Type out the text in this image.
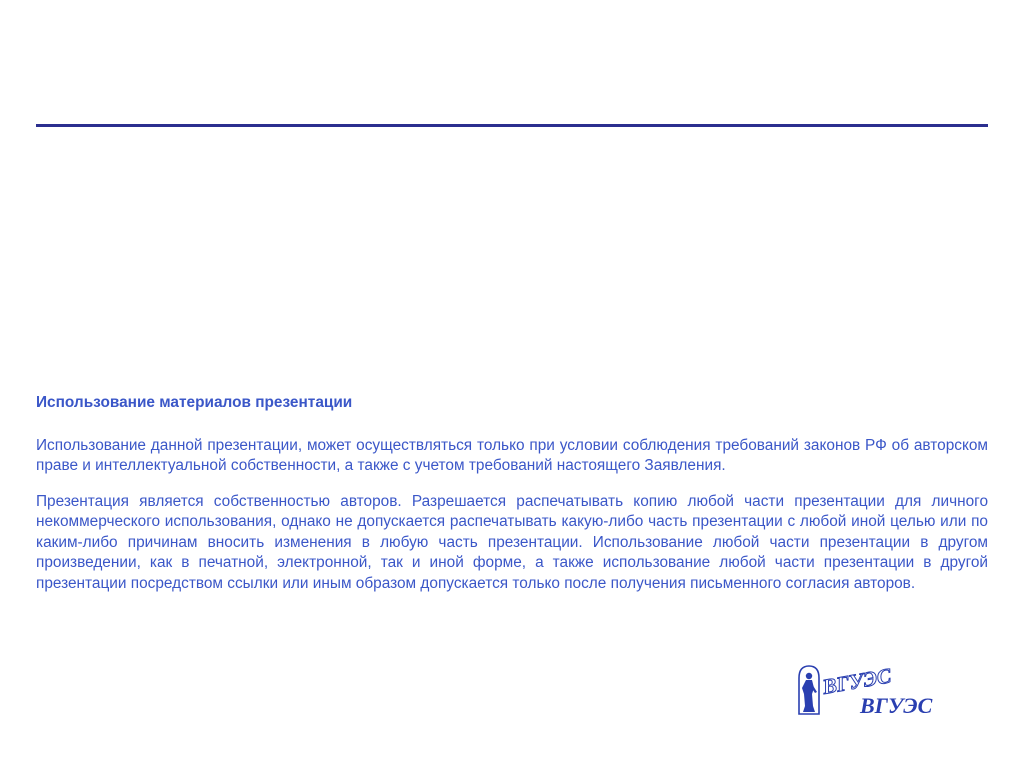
Использование материалов презентации

Использование данной презентации, может осуществляться только при условии соблюдения требований законов РФ об авторском праве и интеллектуальной собственности, а также с учетом требований настоящего Заявления.

Презентация является собственностью авторов. Разрешается распечатывать копию любой части презентации для личного некоммерческого использования, однако не допускается распечатывать какую-либо часть презентации с любой иной целью или по каким-либо причинам вносить изменения в любую часть презентации. Использование любой части презентации в другом произведении, как в печатной, электронной, так и иной форме, а также использование любой части презентации в другой презентации посредством ссылки или иным образом допускается только после получения письменного согласия авторов.

ВГУЭС
ВГУЭС
